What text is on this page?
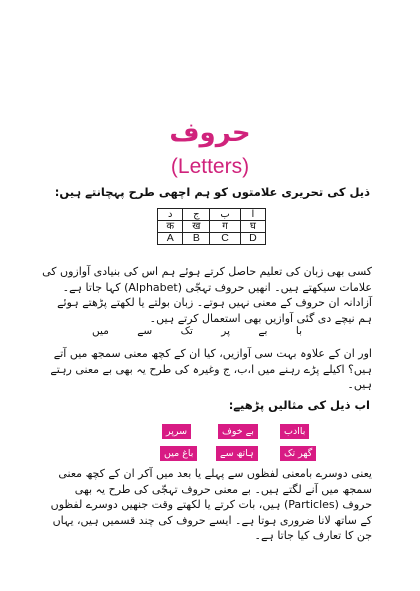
حروف
(Letters)
ذیل کی تحریری علامتوں کو ہم اچھی طرح پہچانتے ہیں:
د	ج	ب	ا
क	ख	ग	घ
A	B	C	D
کسی بھی زبان کی تعلیم حاصل کرتے ہوئے ہم اس کی بنیادی آوازوں کی علامات سیکھتے ہیں۔ انھیں حروف تہجّی (Alphabet) کہا جاتا ہے۔ آزادانہ ان حروف کے معنی نہیں ہوتے۔ زبان بولتے یا لکھتے پڑھتے ہوئے ہم نیچے دی گئی آوازیں بھی استعمال کرتے ہیں۔
با
بے
پر
تک
سے
میں
اور ان کے علاوہ بہت سی آوازیں، کیا ان کے کچھ معنی سمجھ میں آتے ہیں؟ اکیلے پڑے رہنے میں ا،ب، ج وغیرہ کی طرح یہ بھی بے معنی رہتے ہیں۔
اب ذیل کی مثالیں پڑھیے:
باادب
بے خوف
سرپر
گھر تک
ہاتھ سے
باغ میں
یعنی دوسرے بامعنی لفظوں سے پہلے یا بعد میں آکر ان کے کچھ معنی سمجھ میں آنے لگتے ہیں۔ بے معنی حروف تہجّی کی طرح یہ بھی حروف (Particles) ہیں، بات کرتے یا لکھتے وقت جنھیں دوسرے لفظوں کے ساتھ لانا ضروری ہوتا ہے۔ ایسے حروف کی چند قسمیں ہیں، یہاں جن کا تعارف کیا جاتا ہے۔
